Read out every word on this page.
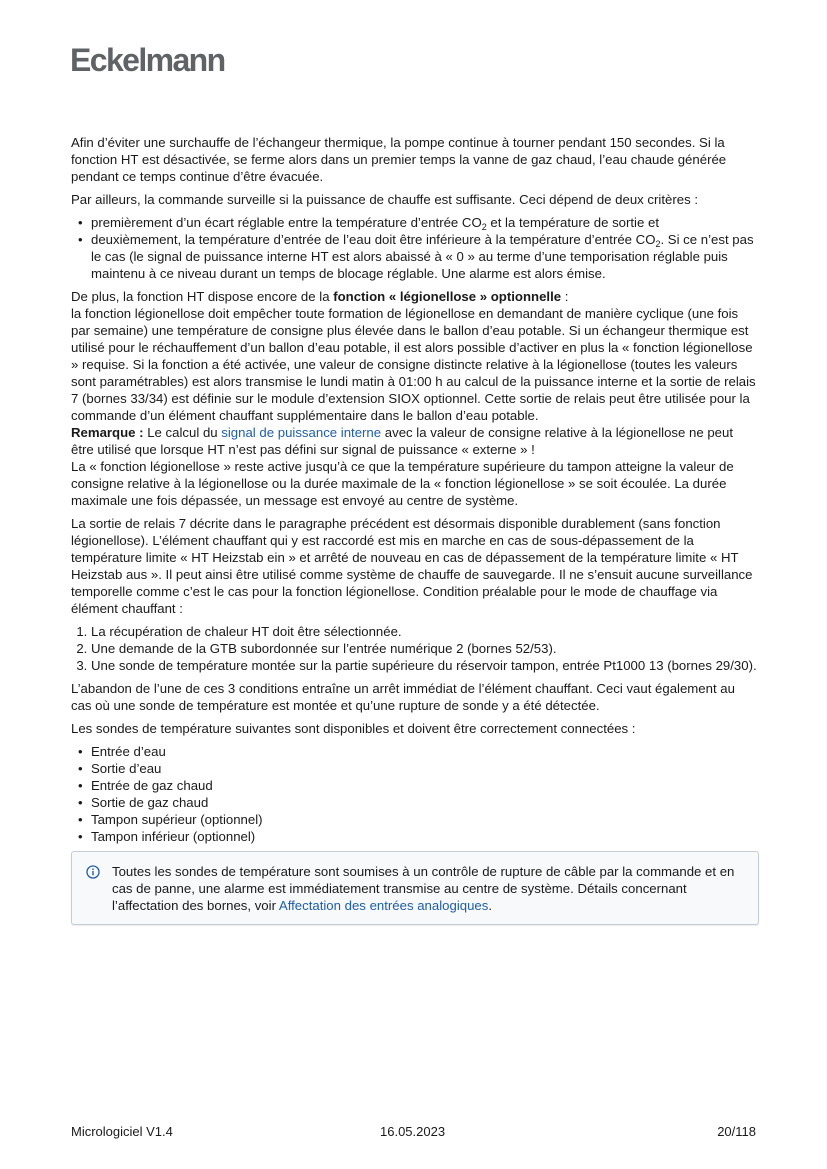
Eckelmann

Afin d’éviter une surchauffe de l’échangeur thermique, la pompe continue à tourner pendant 150 secondes. Si la fonction HT est désactivée, se ferme alors dans un premier temps la vanne de gaz chaud, l’eau chaude générée pendant ce temps continue d’être évacuée.

Par ailleurs, la commande surveille si la puissance de chauffe est suffisante. Ceci dépend de deux critères :

• premièrement d’un écart réglable entre la température d’entrée $CO_2$ et la température de sortie et
• deuxièmement, la température d’entrée de l’eau doit être inférieure à la température d’entrée $CO_2$. Si ce n’est pas le cas (le signal de puissance interne HT est alors abaissé à « 0 » au terme d’une temporisation réglable puis maintenu à ce niveau durant un temps de blocage réglable. Une alarme est alors émise.

De plus, la fonction HT dispose encore de la fonction « légionellose » optionnelle :
la fonction légionellose doit empêcher toute formation de légionellose en demandant de manière cyclique (une fois par semaine) une température de consigne plus élevée dans le ballon d’eau potable. Si un échangeur thermique est utilisé pour le réchauffement d’un ballon d’eau potable, il est alors possible d’activer en plus la « fonction légionellose » requise. Si la fonction a été activée, une valeur de consigne distincte relative à la légionellose (toutes les valeurs sont paramétrables) est alors transmise le lundi matin à 01:00 h au calcul de la puissance interne et la sortie de relais 7 (bornes 33/34) est définie sur le module d’extension SIOX optionnel. Cette sortie de relais peut être utilisée pour la commande d’un élément chauffant supplémentaire dans le ballon d’eau potable.
Remarque : Le calcul du signal de puissance interne avec la valeur de consigne relative à la légionellose ne peut être utilisé que lorsque HT n’est pas défini sur signal de puissance « externe » !
La « fonction légionellose » reste active jusqu’à ce que la température supérieure du tampon atteigne la valeur de consigne relative à la légionellose ou la durée maximale de la « fonction légionellose » se soit écoulée. La durée maximale une fois dépassée, un message est envoyé au centre de système.

La sortie de relais 7 décrite dans le paragraphe précédent est désormais disponible durablement (sans fonction légionellose). L’élément chauffant qui y est raccordé est mis en marche en cas de sous-dépassement de la température limite « HT Heizstab ein » et arrêté de nouveau en cas de dépassement de la température limite « HT Heizstab aus ». Il peut ainsi être utilisé comme système de chauffe de sauvegarde. Il ne s’ensuit aucune surveillance temporelle comme c’est le cas pour la fonction légionellose. Condition préalable pour le mode de chauffage via élément chauffant :

1. La récupération de chaleur HT doit être sélectionnée.
2. Une demande de la GTB subordonnée sur l’entrée numérique 2 (bornes 52/53).
3. Une sonde de température montée sur la partie supérieure du réservoir tampon, entrée Pt1000 13 (bornes 29/30).

L’abandon de l’une de ces 3 conditions entraîne un arrêt immédiat de l’élément chauffant. Ceci vaut également au cas où une sonde de température est montée et qu’une rupture de sonde y a été détectée.

Les sondes de température suivantes sont disponibles et doivent être correctement connectées :

• Entrée d’eau
• Sortie d’eau
• Entrée de gaz chaud
• Sortie de gaz chaud
• Tampon supérieur (optionnel)
• Tampon inférieur (optionnel)
Toutes les sondes de température sont soumises à un contrôle de rupture de câble par la commande et en cas de panne, une alarme est immédiatement transmise au centre de système. Détails concernant l’affectation des bornes, voir Affectation des entrées analogiques.
Micrologiciel V1.4	16.05.2023	20/118
